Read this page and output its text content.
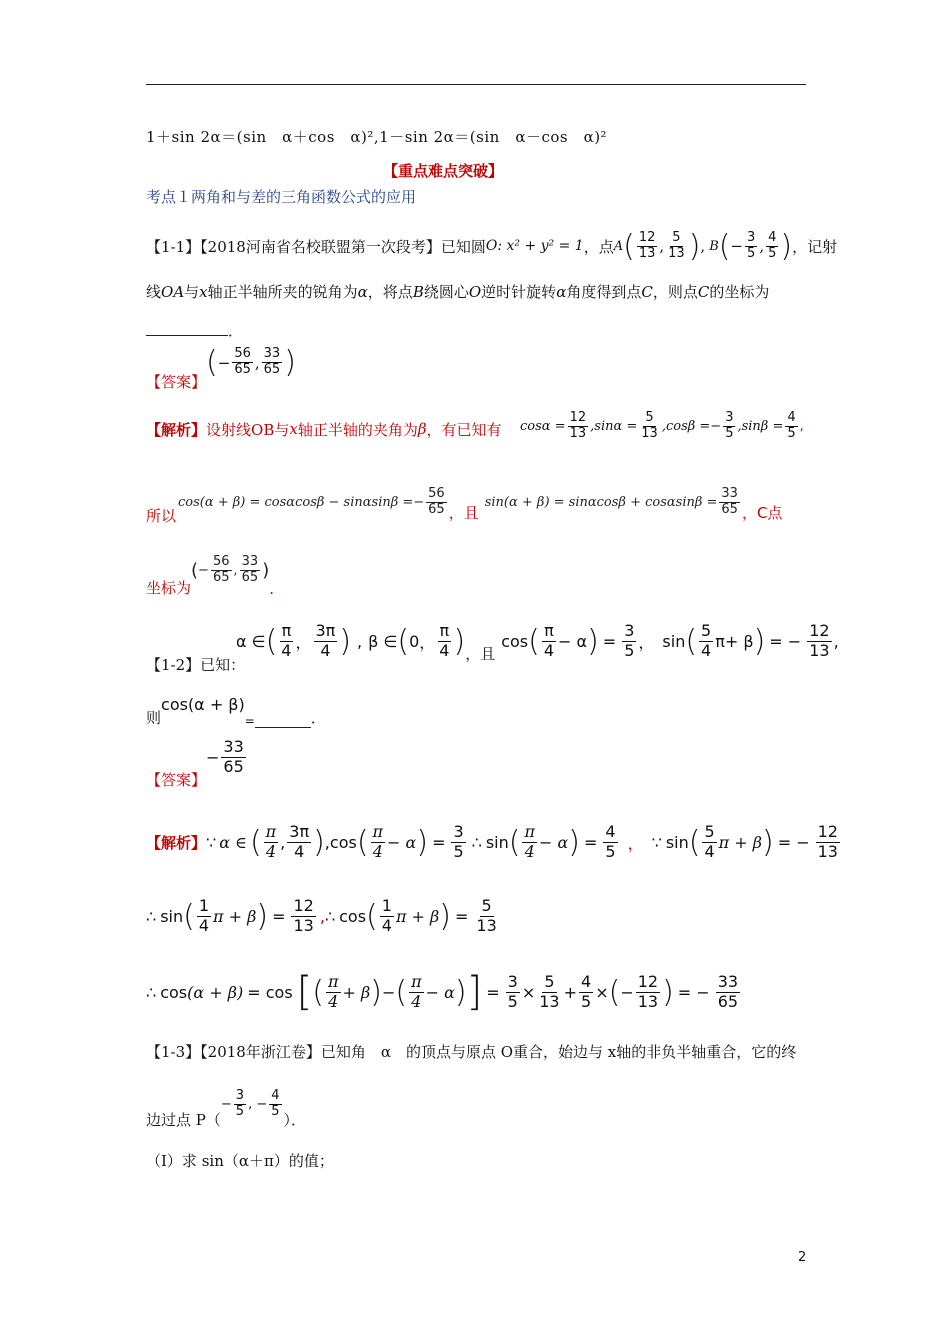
1＋sin 2α＝(sin　α＋cos　α)²,1－sin 2α＝(sin　α－cos　α)²
【重点难点突破】
考点１两角和与差的三角函数公式的应用
【1-1】【2018河南省名校联盟第一次段考】已知圆 O: x² + y² = 1 ，点 A ( $\frac{12}{13}$ , $\frac{5}{13}$ ) , B ( − $\frac{3}{5}$ , $\frac{4}{5}$ ) ，记射
线OA与x轴正半轴所夹的锐角为α，将点B绕圆心O逆时针旋转α角度得到点C，则点C的坐标为
．
【答案】
( − $\frac{56}{65}$ , $\frac{33}{65}$ )
【解析】 设射线OB与 x 轴正半轴的夹角为 β ，有已知有 $\cos\alpha = \frac{12}{13} ,\sin\alpha = \frac{5}{13} ,\cos\beta =- \frac{3}{5} ,\sin\beta = \frac{4}{5}$ ,
所以
$\cos(\alpha + \beta) = \cos\alpha\cos\beta - \sin\alpha\sin\beta =- \frac{56}{65}$ ，且
$\sin(\alpha + \beta) = \sin\alpha\cos\beta + \cos\alpha\sin\beta = \frac{33}{65}$ ，C点
坐标为
( − $\frac{56}{65}$ , $\frac{33}{65}$ )
.
【1-2】已知：
α ∈ ( $\frac{\pi}{4}$ ， $\frac{3\pi}{4}$ ) , β ∈ ( 0 ， $\frac{\pi}{4}$ ) ，且
cos ( $\frac{\pi}{4} - \alpha$ ) = $\frac{3}{5}$ ， sin ( $\frac{5}{4}$ π + β ) = − $\frac{12}{13}$ ,
则
cos(α + β)
=	．
【答案】
− $\frac{33}{65}$
【解析】 ∵ α ∈ ( $\frac{\pi}{4}$ , $\frac{3\pi}{4}$ ) , cos ( $\frac{\pi}{4} - \alpha$ ) = $\frac{3}{5}$ ∴ sin ( $\frac{\pi}{4} - \alpha$ ) = $\frac{4}{5}$ ， ∵ sin ( $\frac{5}{4}$ π + β ) = − $\frac{12}{13}$
∴ sin ( $\frac{1}{4}$ π + β ) = $\frac{12}{13}$ , ∴ cos ( $\frac{1}{4}$ π + β ) = $\frac{5}{13}$
∴ cos (α + β) = cos [ ( $\frac{\pi}{4} + \beta$ ) − ( $\frac{\pi}{4} - \alpha$ ) ] = $\frac{3}{5} \times \frac{5}{13} + \frac{4}{5}$ × ( − $\frac{12}{13}$ ) = − $\frac{33}{65}$
【1-3】【2018年浙江卷】已知角　α　的顶点与原点 O重合，始边与 x轴的非负半轴重合，它的终
边过点 P（
− $\frac{3}{5}$ , − $\frac{4}{5}$ ）．
（Ⅰ）求 sin（α＋π）的值；
2
